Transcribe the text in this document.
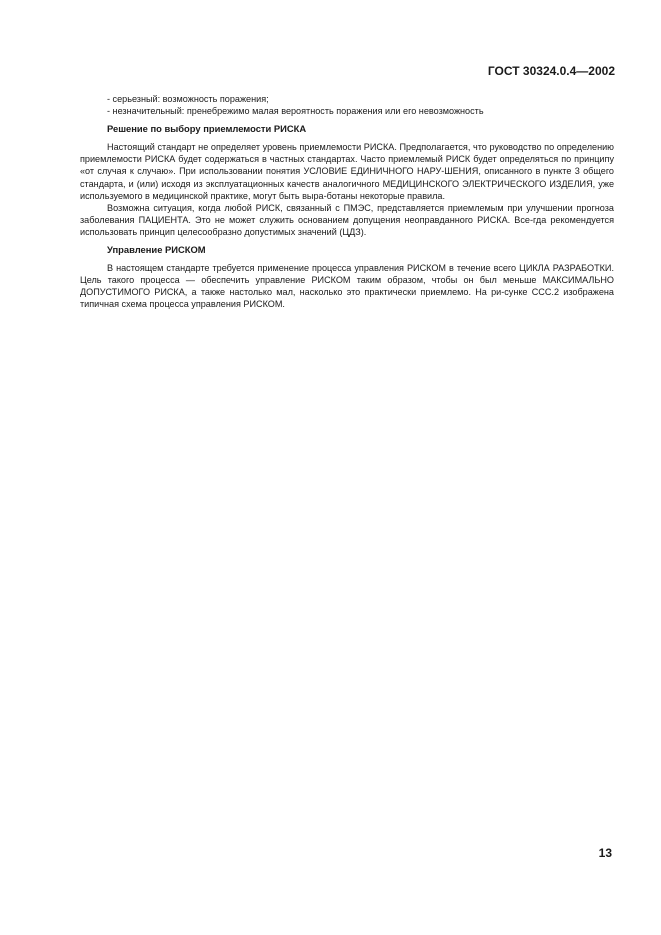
ГОСТ 30324.0.4—2002

- серьезный: возможность поражения;

- незначительный: пренебрежимо малая вероятность поражения или его невозможность

Решение по выбору приемлемости РИСКА

Настоящий стандарт не определяет уровень приемлемости РИСКА. Предполагается, что руководство по определению приемлемости РИСКА будет содержаться в частных стандартах. Часто приемлемый РИСК будет определяться по принципу «от случая к случаю». При использовании понятия УСЛОВИЕ ЕДИНИЧНОГО НАРУ-ШЕНИЯ, описанного в пункте 3 общего стандарта, и (или) исходя из эксплуатационных качеств аналогичного МЕДИЦИНСКОГО ЭЛЕКТРИЧЕСКОГО ИЗДЕЛИЯ, уже используемого в медицинской практике, могут быть выра-ботаны некоторые правила.

Возможна ситуация, когда любой РИСК, связанный с ПМЭС, представляется приемлемым при улучшении прогноза заболевания ПАЦИЕНТА. Это не может служить основанием допущения неоправданного РИСКА. Все-гда рекомендуется использовать принцип целесообразно допустимых значений (ЦДЗ).

Управление РИСКОМ

В настоящем стандарте требуется применение процесса управления РИСКОМ в течение всего ЦИКЛА РАЗРАБОТКИ. Цель такого процесса — обеспечить управление РИСКОМ таким образом, чтобы он был меньше МАКСИМАЛЬНО ДОПУСТИМОГО РИСКА, а также настолько мал, насколько это практически приемлемо. На ри-сунке ССС.2 изображена типичная схема процесса управления РИСКОМ.

13
